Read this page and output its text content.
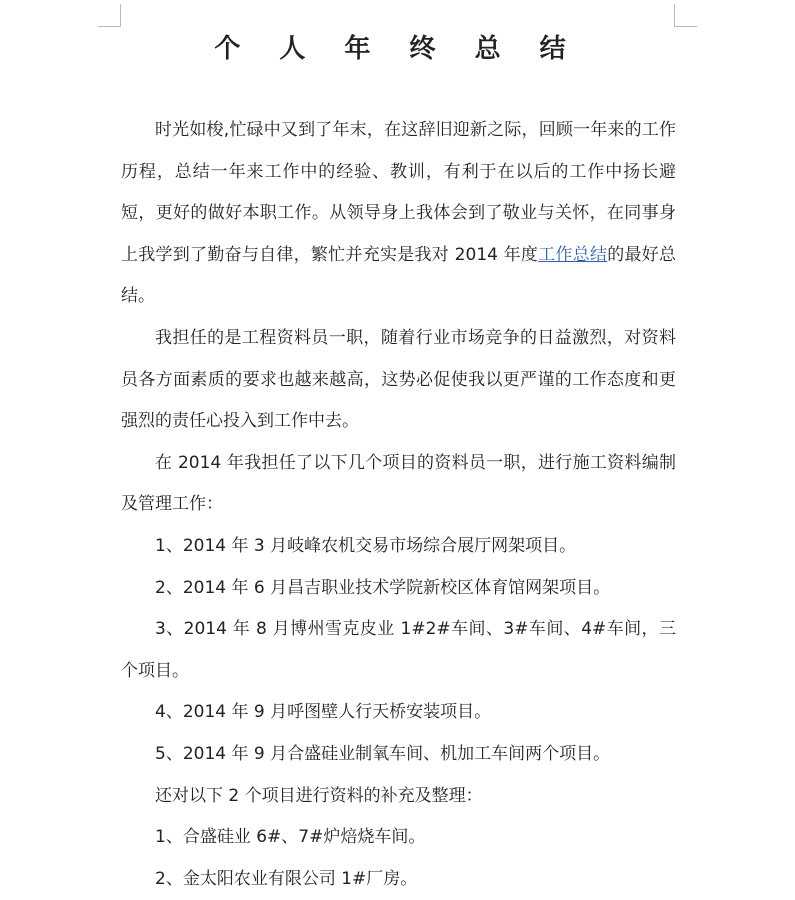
个 人 年 终 总 结

时光如梭,忙碌中又到了年末，在这辞旧迎新之际，回顾一年来的工作历程，总结一年来工作中的经验、教训，有利于在以后的工作中扬长避短，更好的做好本职工作。从领导身上我体会到了敬业与关怀，在同事身上我学到了勤奋与自律，繁忙并充实是我对 2014 年度工作总结的最好总结。

我担任的是工程资料员一职，随着行业市场竞争的日益激烈，对资料员各方面素质的要求也越来越高，这势必促使我以更严谨的工作态度和更强烈的责任心投入到工作中去。

在 2014 年我担任了以下几个项目的资料员一职，进行施工资料编制及管理工作：

1、2014 年 3 月岐峰农机交易市场综合展厅网架项目。

2、2014 年 6 月昌吉职业技术学院新校区体育馆网架项目。

3、2014 年 8 月博州雪克皮业 1#2#车间、3#车间、4#车间，三个项目。

4、2014 年 9 月呼图壁人行天桥安装项目。

5、2014 年 9 月合盛硅业制氧车间、机加工车间两个项目。

还对以下 2 个项目进行资料的补充及整理：

1、合盛硅业 6#、7#炉焙烧车间。

2、金太阳农业有限公司 1#厂房。
